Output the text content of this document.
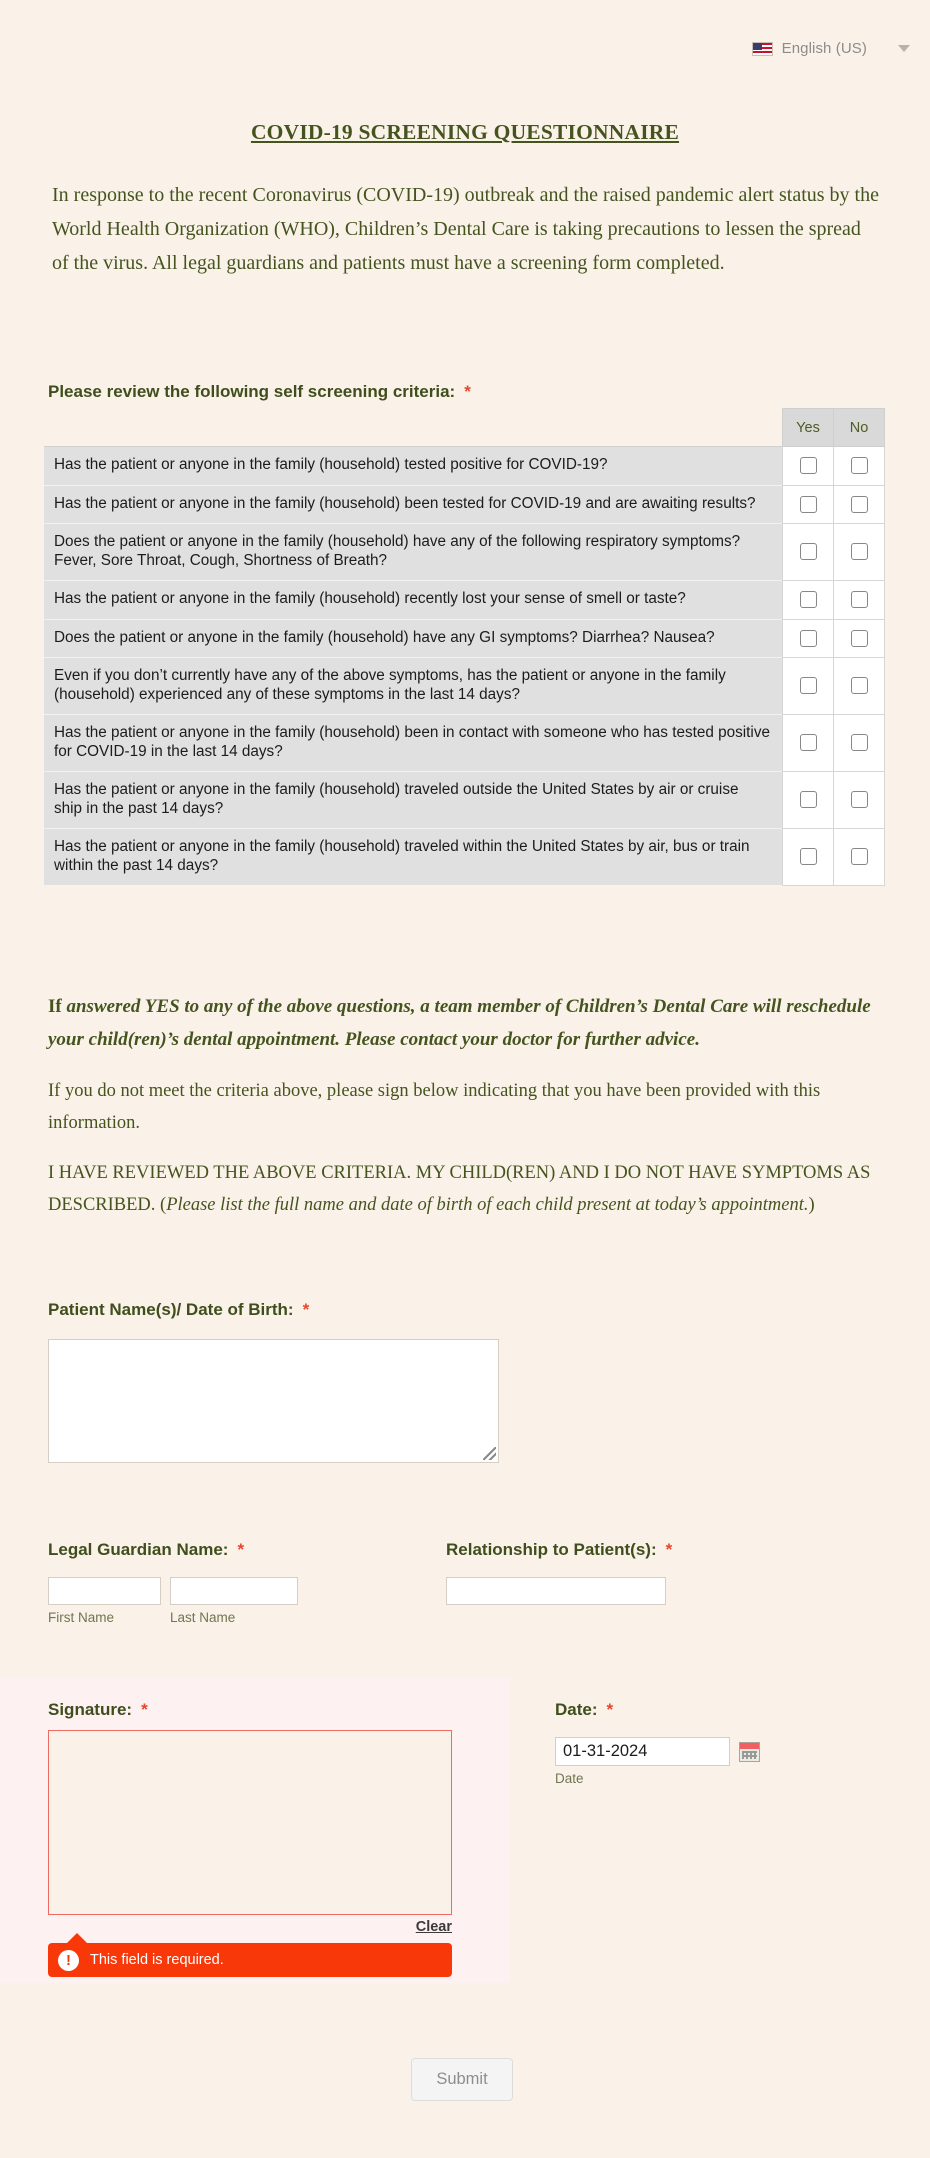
English (US)
COVID-19 SCREENING QUESTIONNAIRE
In response to the recent Coronavirus (COVID-19) outbreak and the raised pandemic alert status by the World Health Organization (WHO), Children’s Dental Care is taking precautions to lessen the spread of the virus. All legal guardians and patients must have a screening form completed.
Please review the following self screening criteria: *
	Yes	No
Has the patient or anyone in the family (household) tested positive for COVID-19?		
Has the patient or anyone in the family (household) been tested for COVID-19 and are awaiting results?		
Does the patient or anyone in the family (household) have any of the following respiratory symptoms? Fever, Sore Throat, Cough, Shortness of Breath?		
Has the patient or anyone in the family (household) recently lost your sense of smell or taste?		
Does the patient or anyone in the family (household) have any GI symptoms? Diarrhea? Nausea?		
Even if you don’t currently have any of the above symptoms, has the patient or anyone in the family (household) experienced any of these symptoms in the last 14 days?		
Has the patient or anyone in the family (household) been in contact with someone who has tested positive for COVID-19 in the last 14 days?		
Has the patient or anyone in the family (household) traveled outside the United States by air or cruise ship in the past 14 days?		
Has the patient or anyone in the family (household) traveled within the United States by air, bus or train within the past 14 days?		
If answered YES to any of the above questions, a team member of Children’s Dental Care will reschedule your child(ren)’s dental appointment. Please contact your doctor for further advice.
If you do not meet the criteria above, please sign below indicating that you have been provided with this information.
I HAVE REVIEWED THE ABOVE CRITERIA. MY CHILD(REN) AND I DO NOT HAVE SYMPTOMS AS DESCRIBED. (Please list the full name and date of birth of each child present at today’s appointment.)
Patient Name(s)/ Date of Birth: *
Legal Guardian Name: *
First Name	Last Name
Relationship to Patient(s): *
Signature: *
Clear
!	This field is required.
Date: *
01-31-2024
Date
Submit
